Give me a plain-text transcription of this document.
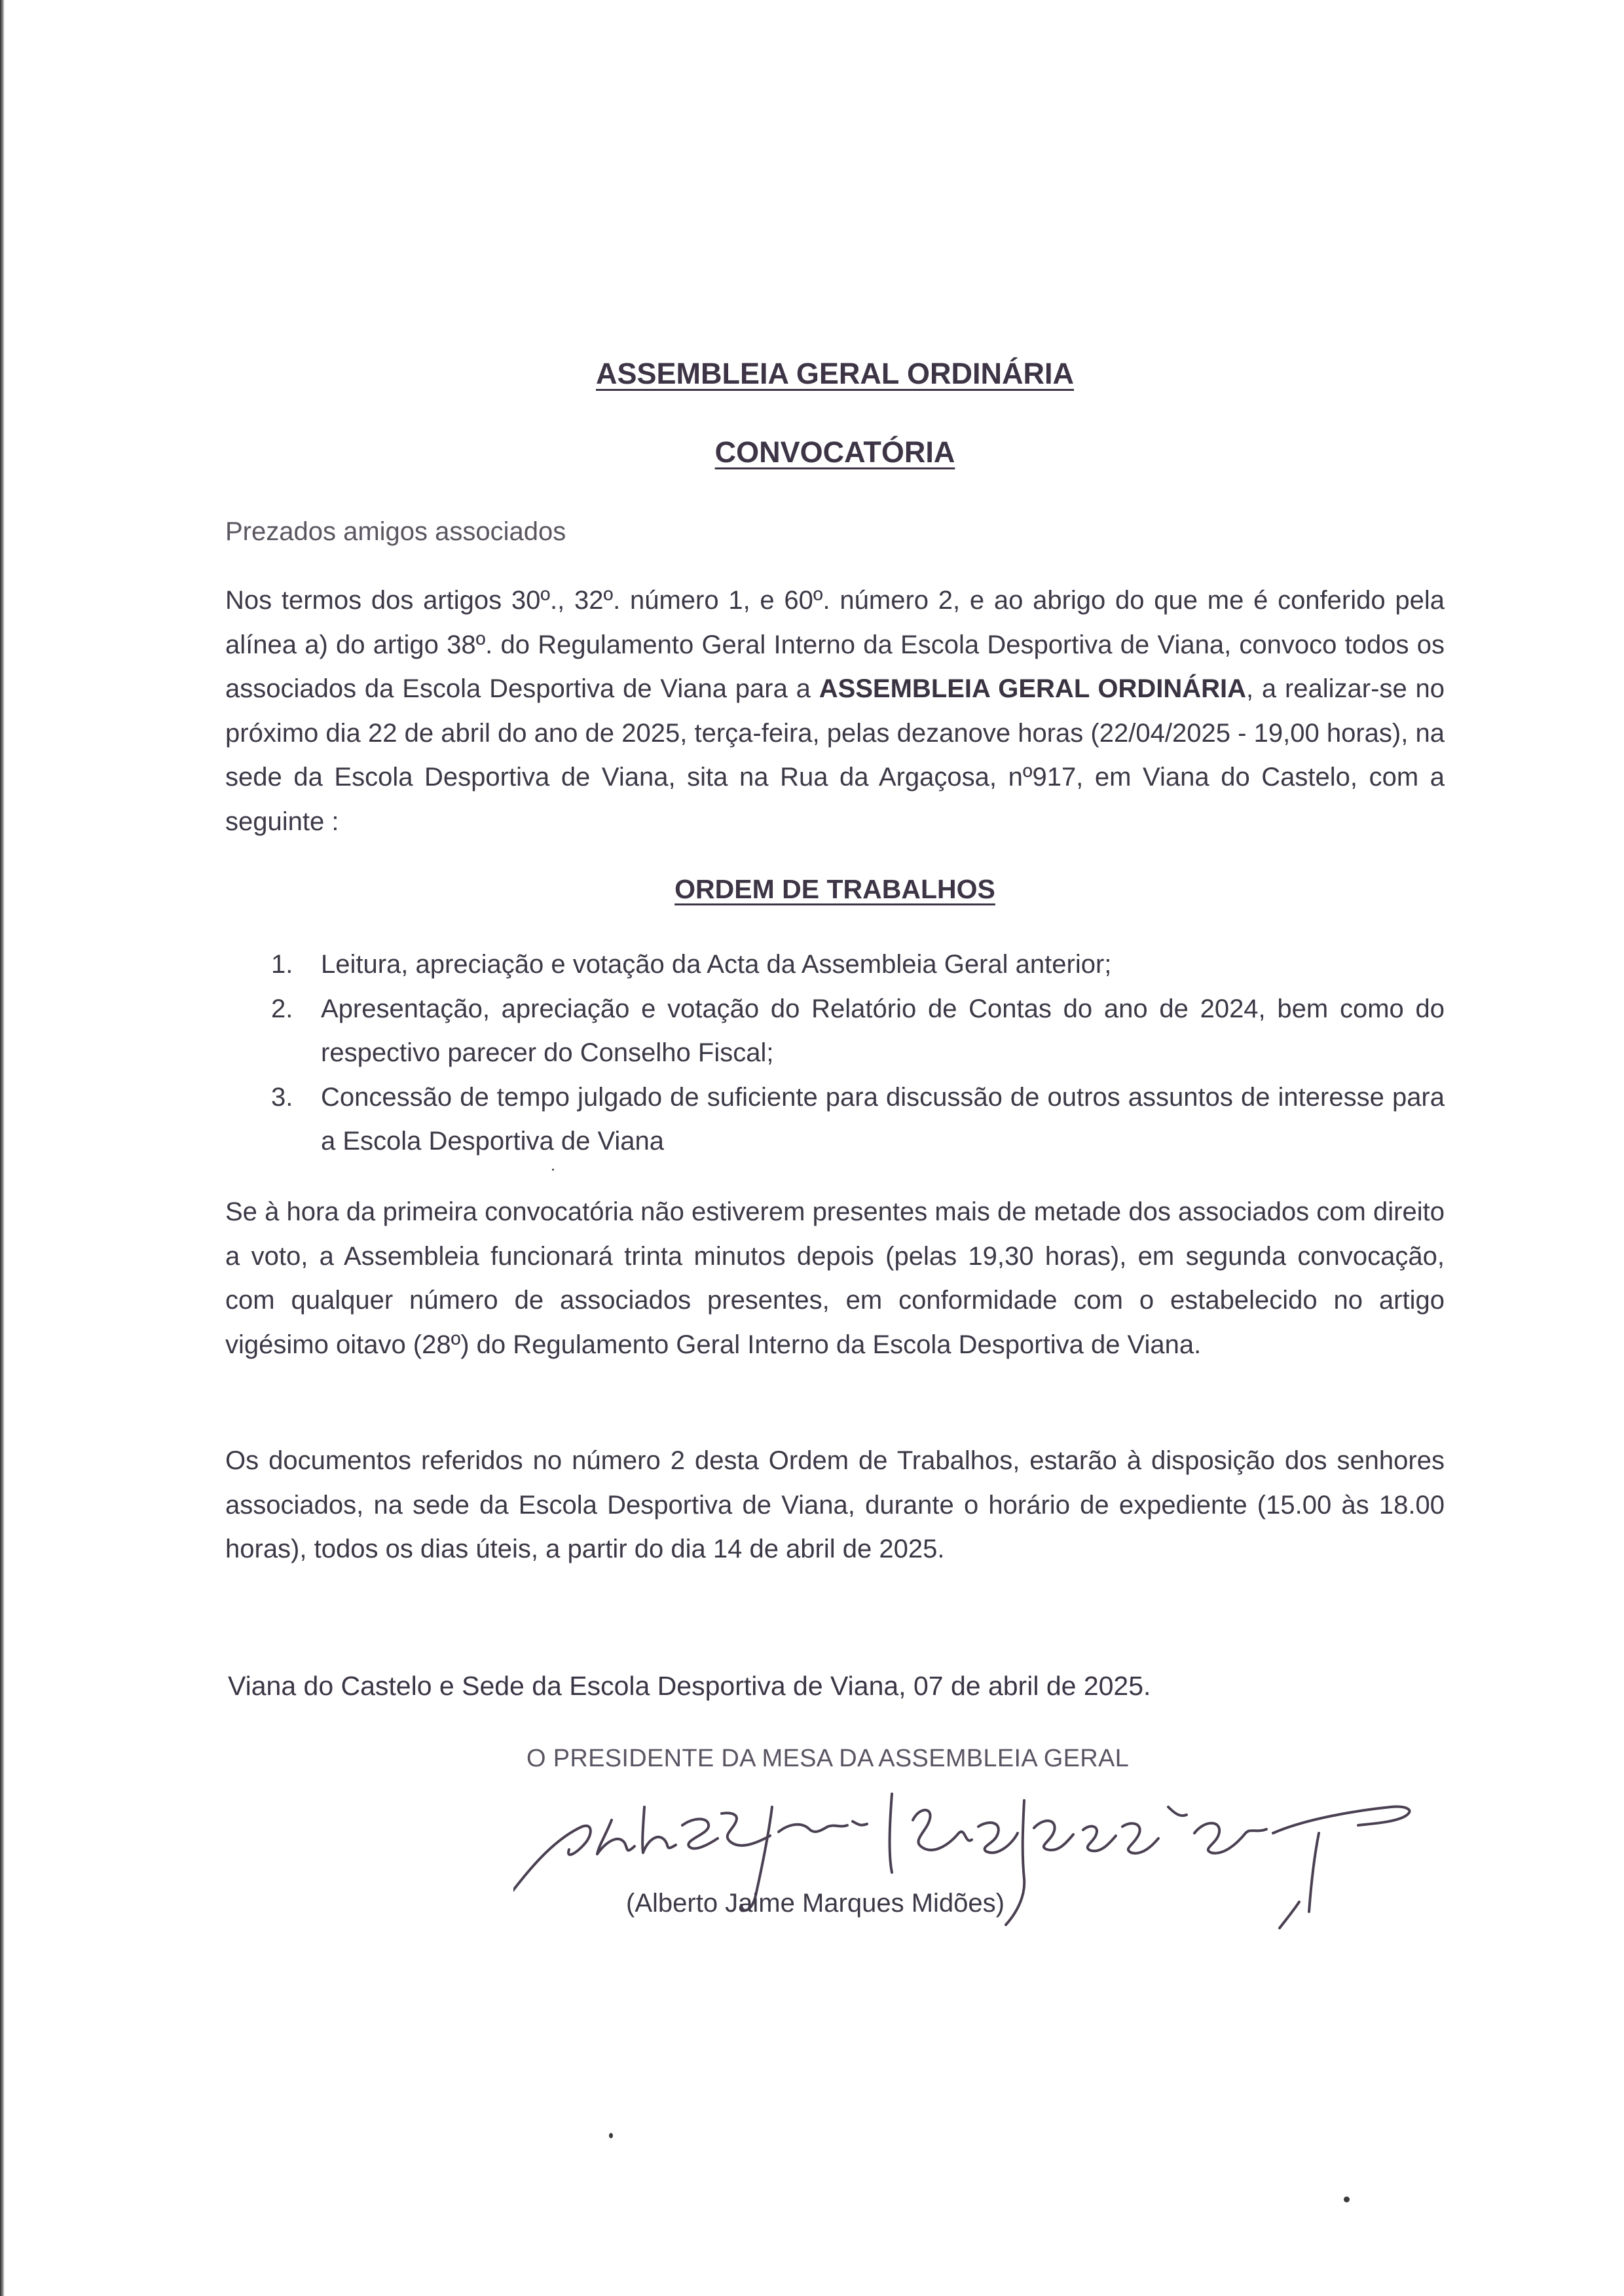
ASSEMBLEIA GERAL ORDINÁRIA
CONVOCATÓRIA
Prezados amigos associados
Nos termos dos artigos 30º., 32º. número 1, e 60º. número 2, e ao abrigo do que me é conferido pela alínea a) do artigo 38º. do Regulamento Geral Interno da Escola Desportiva de Viana, convoco todos os associados da Escola Desportiva de Viana para a ASSEMBLEIA GERAL ORDINÁRIA, a realizar-se no próximo dia 22 de abril do ano de 2025, terça-feira, pelas dezanove horas (22/04/2025 - 19,00 horas), na sede da Escola Desportiva de Viana, sita na Rua da Argaçosa, nº917, em Viana do Castelo, com a seguinte :
ORDEM DE TRABALHOS
1. Leitura, apreciação e votação da Acta da Assembleia Geral anterior;
2. Apresentação, apreciação e votação do Relatório de Contas do ano de 2024, bem como do respectivo parecer do Conselho Fiscal;
3. Concessão de tempo julgado de suficiente para discussão de outros assuntos de interesse para a Escola Desportiva de Viana
Se à hora da primeira convocatória não estiverem presentes mais de metade dos associados com direito a voto, a Assembleia funcionará trinta minutos depois (pelas 19,30 horas), em segunda convocação, com qualquer número de associados presentes, em conformidade com o estabelecido no artigo vigésimo oitavo (28º) do Regulamento Geral Interno da Escola Desportiva de Viana.
Os documentos referidos no número 2 desta Ordem de Trabalhos, estarão à disposição dos senhores associados, na sede da Escola Desportiva de Viana, durante o horário de expediente (15.00 às 18.00 horas), todos os dias úteis, a partir do dia 14 de abril de 2025.
Viana do Castelo e Sede da Escola Desportiva de Viana, 07 de abril de 2025.
O PRESIDENTE DA MESA DA ASSEMBLEIA GERAL
(Alberto Jaime Marques Midões)
